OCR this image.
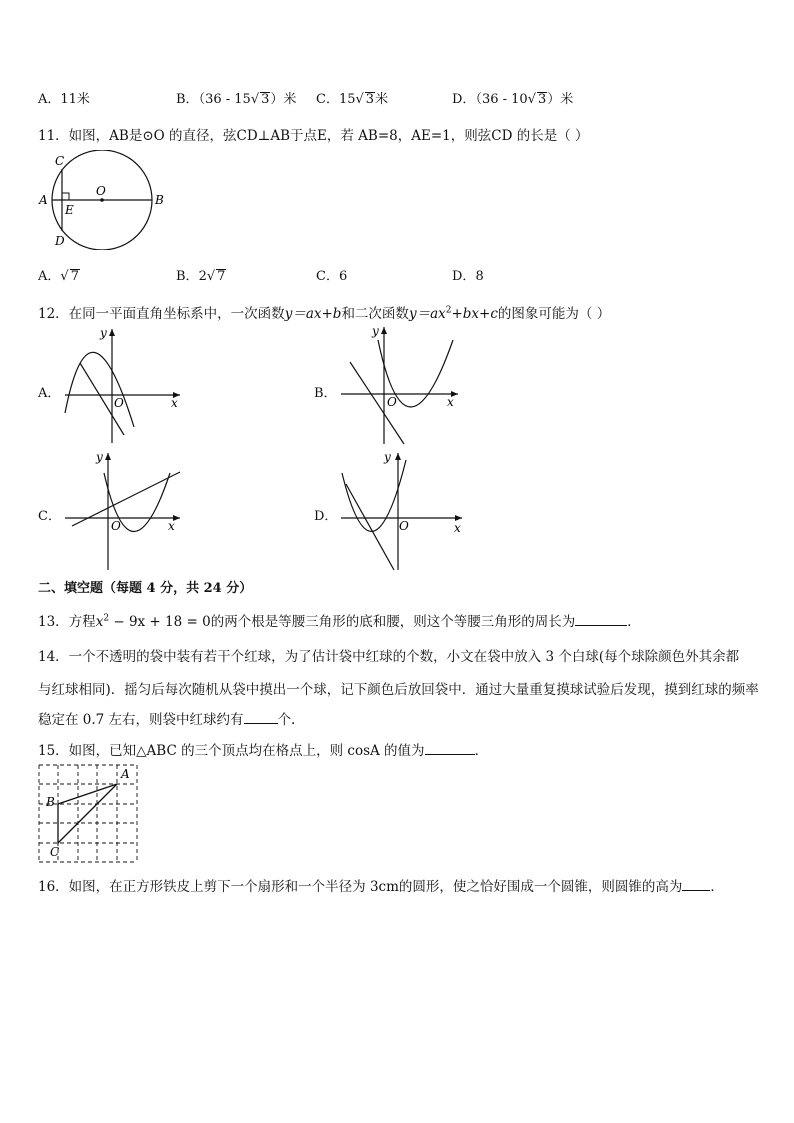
A．11米	B．（36 - 15√ 3）米 C．15√ 3米	D．（36 - 10√ 3）米
11．如图，AB是⊙O 的直径，弦CD⊥AB于点E，若 AB=8，AE=1，则弦CD 的长是（ ）
C
A
E
O
B
D
A．√ 7	B．2√ 7	C．6	D．8
12．在同一平面直角坐标系中，一次函数y＝ax+b和二次函数$y=ax^2+bx+c$的图象可能为（ ）
A．
y
O	x
B．
y
O	x
C．
y
O	x
D．
y
O	x
二、填空题（每题 4 分，共 24 分）
13．方程$x^2 - 9x + 18 = 0$的两个根是等腰三角形的底和腰，则这个等腰三角形的周长为	．
14．一个不透明的袋中装有若干个红球，为了估计袋中红球的个数，小文在袋中放入 3 个白球(每个球除颜色外其余都
与红球相同)．摇匀后每次随机从袋中摸出一个球，记下颜色后放回袋中．通过大量重复摸球试验后发现，摸到红球的频率
稳定在 0.7 左右，则袋中红球约有	个.
15．如图，已知△ABC 的三个顶点均在格点上，则 cosA 的值为	．
A
B
C
16．如图，在正方形铁皮上剪下一个扇形和一个半径为 3cm的圆形，使之恰好围成一个圆锥，则圆锥的高为 ．
